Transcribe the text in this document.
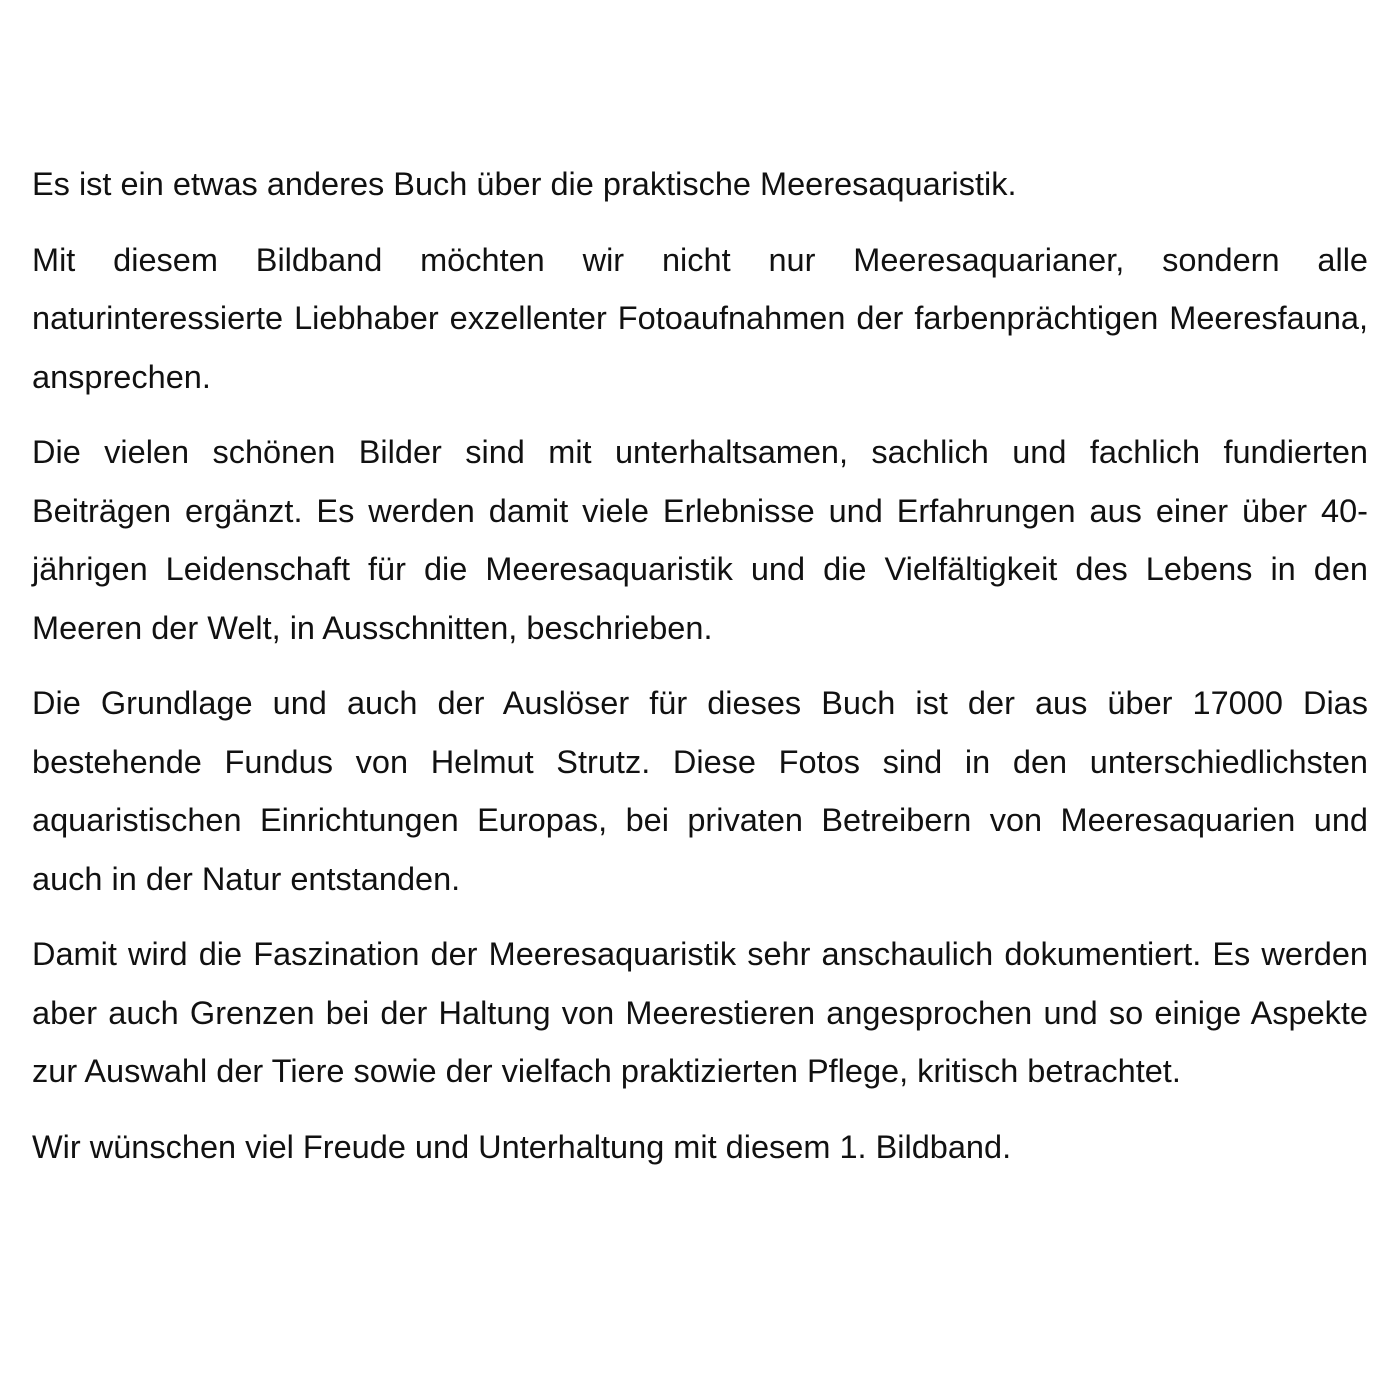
Es ist ein etwas anderes Buch über die praktische Meeresaquaristik.

Mit diesem Bildband möchten wir nicht nur Meeresaquarianer, sondern alle naturinteressierte Liebhaber exzellenter Fotoaufnahmen der farbenprächtigen Meeresfauna, ansprechen.

Die vielen schönen Bilder sind mit unterhaltsamen, sachlich und fachlich fundierten Beiträgen ergänzt. Es werden damit viele Erlebnisse und Erfahrungen aus einer über 40-jährigen Leidenschaft für die Meeresaquaristik und die Vielfältigkeit des Lebens in den Meeren der Welt, in Ausschnitten, beschrieben.

Die Grundlage und auch der Auslöser für dieses Buch ist der aus über 17000 Dias bestehende Fundus von Helmut Strutz. Diese Fotos sind in den unterschiedlichsten aquaristischen Einrichtungen Europas, bei privaten Betreibern von Meeresaquarien und auch in der Natur entstanden.

Damit wird die Faszination der Meeresaquaristik sehr anschaulich dokumentiert. Es werden aber auch Grenzen bei der Haltung von Meerestieren angesprochen und so einige Aspekte zur Auswahl der Tiere sowie der vielfach praktizierten Pflege, kritisch betrachtet.

Wir wünschen viel Freude und Unterhaltung mit diesem 1. Bildband.
